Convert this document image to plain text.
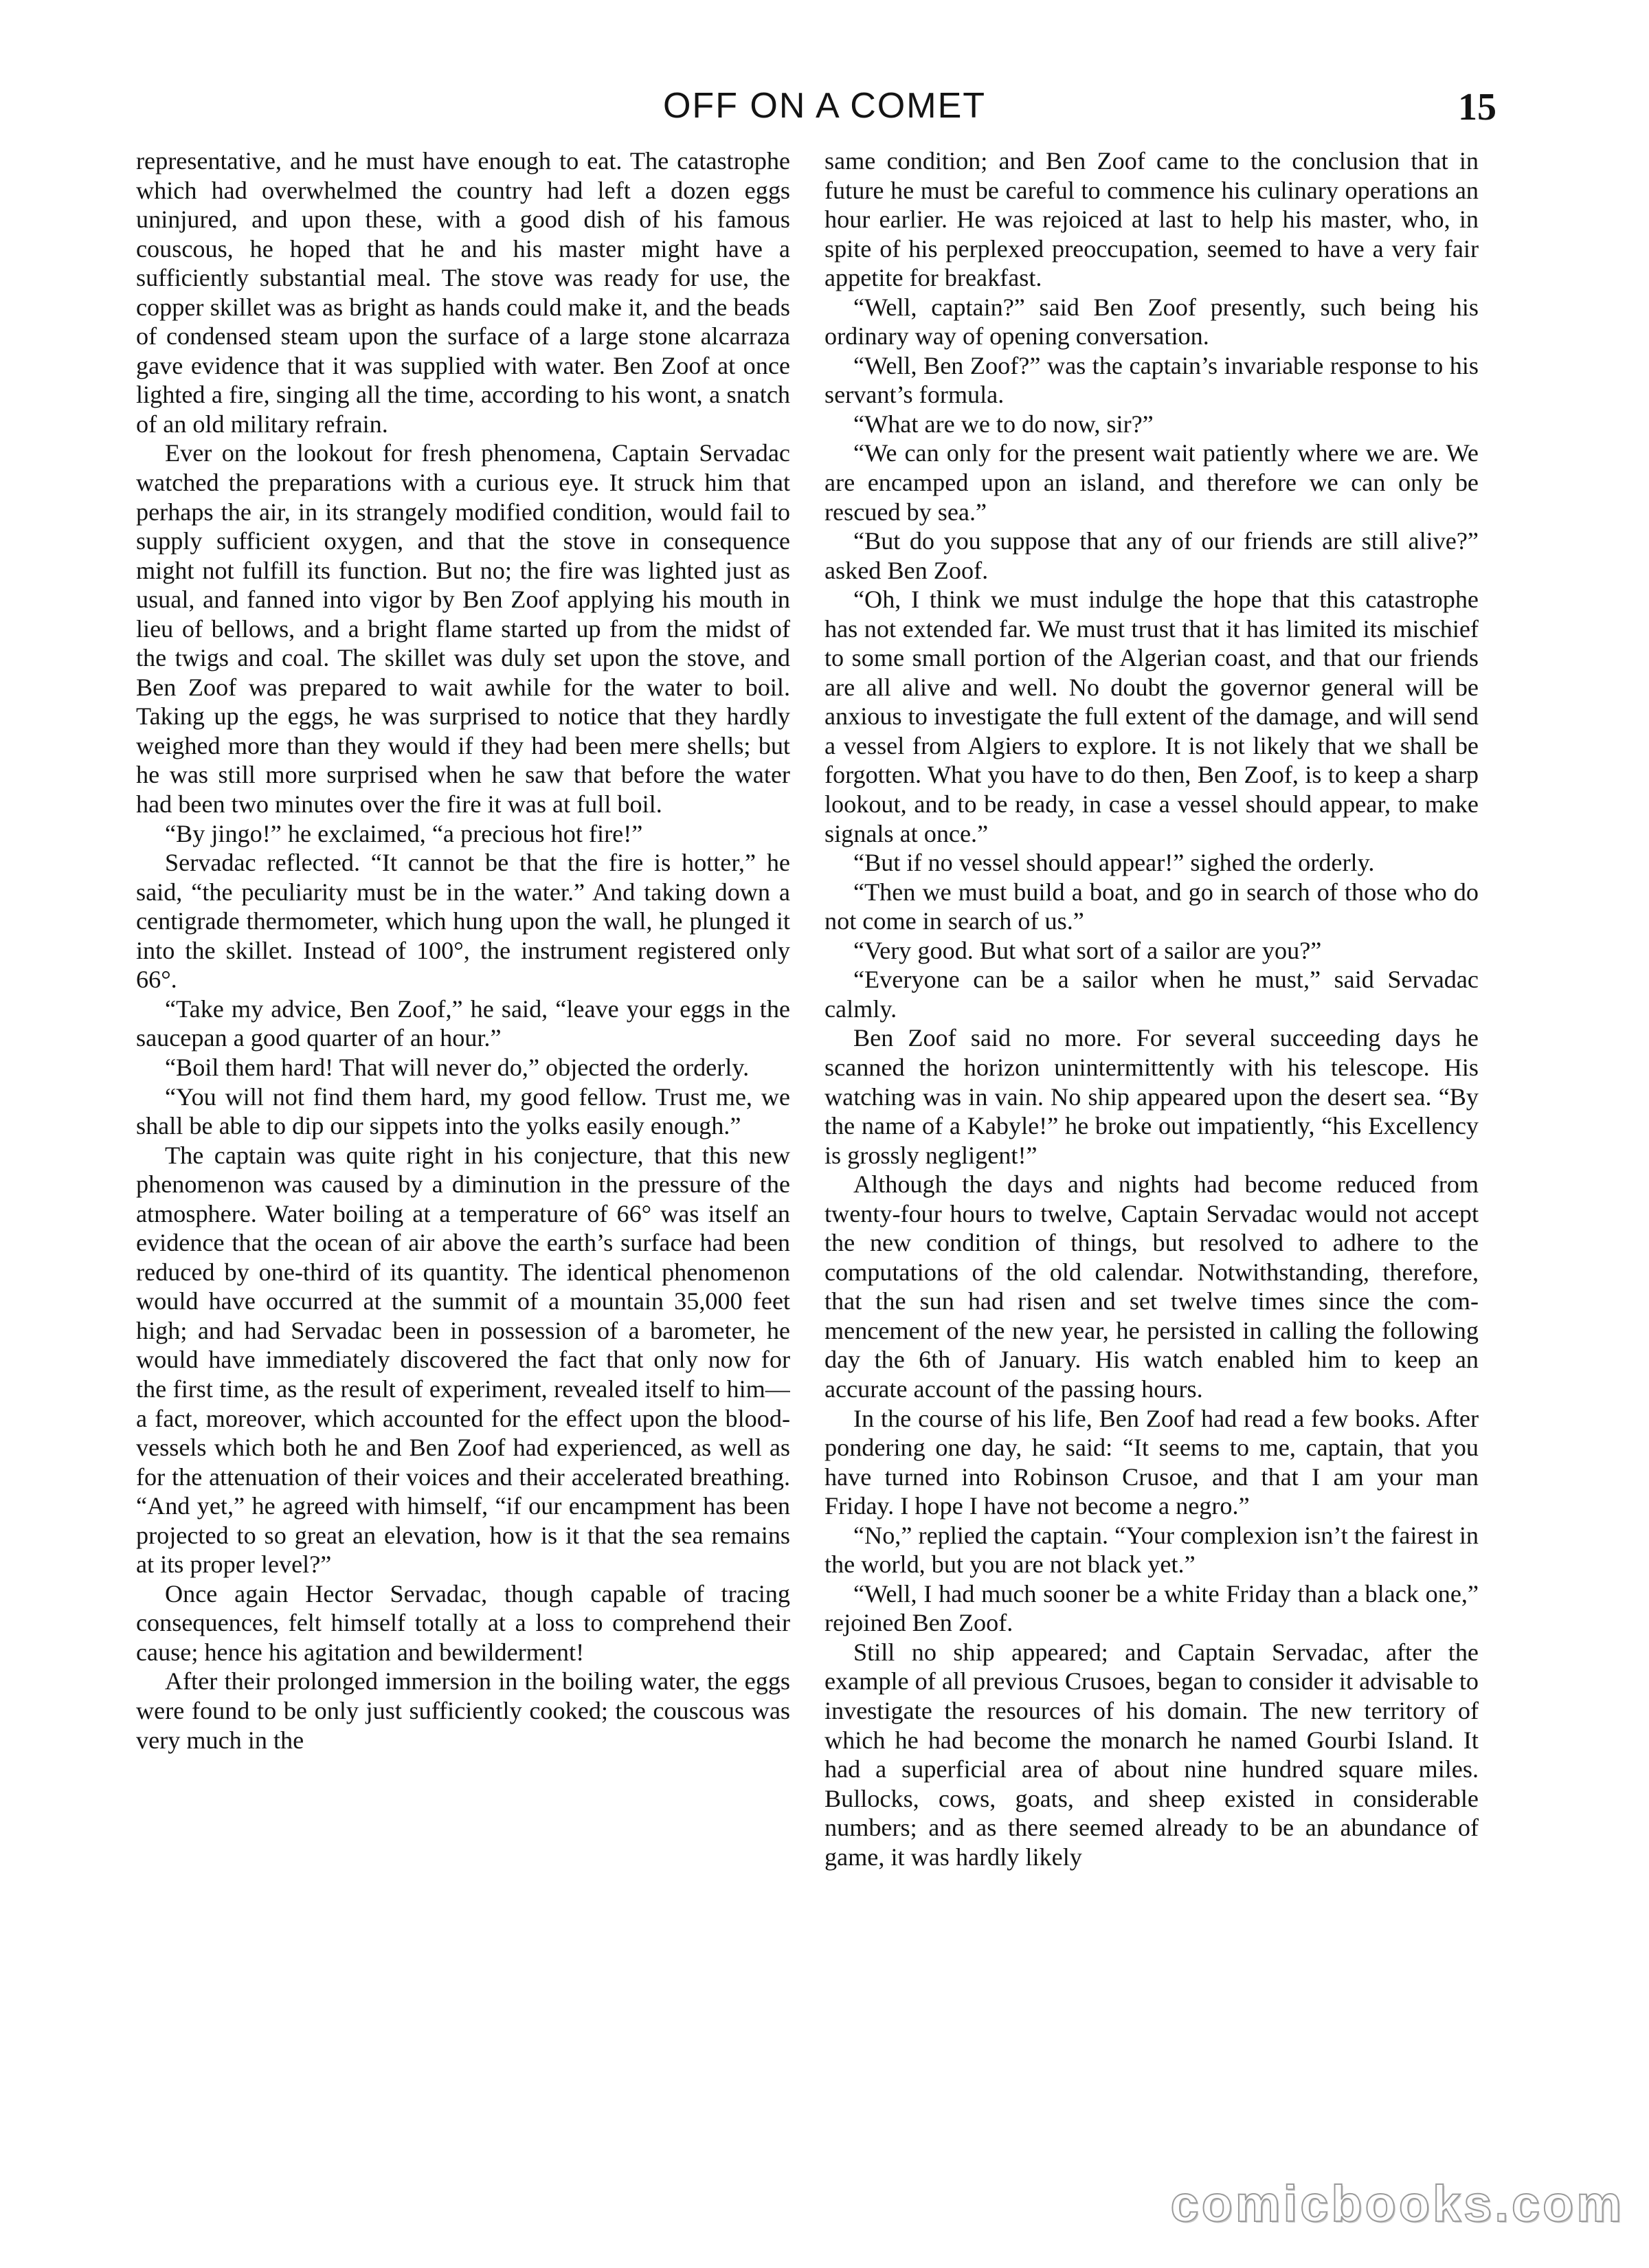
OFF ON A COMET	15

representative, and he must have enough to eat. The catastrophe which had overwhelmed the country had left a dozen eggs uninjured, and upon these, with a good dish of his famous couscous, he hoped that he and his master might have a sufficiently substantial meal. The stove was ready for use, the copper skillet was as bright as hands could make it, and the beads of condensed steam upon the surface of a large stone alcarraza gave evidence that it was supplied with water. Ben Zoof at once lighted a fire, singing all the time, according to his wont, a snatch of an old military refrain.

Ever on the lookout for fresh phenomena, Captain Servadac watched the preparations with a curious eye. It struck him that perhaps the air, in its strangely modified condition, would fail to supply sufficient oxygen, and that the stove in consequence might not fulfill its function. But no; the fire was lighted just as usual, and fanned into vigor by Ben Zoof applying his mouth in lieu of bellows, and a bright flame started up from the midst of the twigs and coal. The skillet was duly set upon the stove, and Ben Zoof was prepared to wait awhile for the water to boil. Taking up the eggs, he was surprised to notice that they hardly weighed more than they would if they had been mere shells; but he was still more surprised when he saw that before the water had been two minutes over the fire it was at full boil.

“By jingo!” he exclaimed, “a precious hot fire!”

Servadac reflected. “It cannot be that the fire is hotter,” he said, “the peculiarity must be in the water.” And taking down a centigrade thermometer, which hung upon the wall, he plunged it into the skillet. Instead of 100°, the instrument registered only 66°.

“Take my advice, Ben Zoof,” he said, “leave your eggs in the saucepan a good quarter of an hour.”

“Boil them hard! That will never do,” objected the orderly.

“You will not find them hard, my good fellow. Trust me, we shall be able to dip our sippets into the yolks easily enough.”

The captain was quite right in his conjecture, that this new phenomenon was caused by a diminution in the pressure of the atmosphere. Water boiling at a temperature of 66° was itself an evidence that the ocean of air above the earth’s surface had been reduced by one-third of its quantity. The identical phenomenon would have occurred at the summit of a mountain 35,000 feet high; and had Servadac been in possession of a barometer, he would have immediately discovered the fact that only now for the first time, as the result of experiment, revealed itself to him—a fact, moreover, which accounted for the effect upon the blood-vessels which both he and Ben Zoof had experienced, as well as for the attenuation of their voices and their accelerated breathing. “And yet,” he agreed with himself, “if our encampment has been projected to so great an elevation, how is it that the sea remains at its proper level?”

Once again Hector Servadac, though capable of tracing consequences, felt himself totally at a loss to comprehend their cause; hence his agitation and bewilderment!

After their prolonged immersion in the boiling water, the eggs were found to be only just sufficiently cooked; the couscous was very much in the

same condition; and Ben Zoof came to the conclusion that in future he must be careful to commence his culinary operations an hour earlier. He was rejoiced at last to help his master, who, in spite of his perplexed preoccupation, seemed to have a very fair appetite for breakfast.

“Well, captain?” said Ben Zoof presently, such being his ordinary way of opening conversation.

“Well, Ben Zoof?” was the captain’s invariable response to his servant’s formula.

“What are we to do now, sir?”

“We can only for the present wait patiently where we are. We are encamped upon an island, and therefore we can only be rescued by sea.”

“But do you suppose that any of our friends are still alive?” asked Ben Zoof.

“Oh, I think we must indulge the hope that this catastrophe has not extended far. We must trust that it has limited its mischief to some small portion of the Algerian coast, and that our friends are all alive and well. No doubt the governor general will be anxious to investigate the full extent of the damage, and will send a vessel from Algiers to explore. It is not likely that we shall be forgotten. What you have to do then, Ben Zoof, is to keep a sharp lookout, and to be ready, in case a vessel should appear, to make signals at once.”

“But if no vessel should appear!” sighed the orderly.

“Then we must build a boat, and go in search of those who do not come in search of us.”

“Very good. But what sort of a sailor are you?”

“Everyone can be a sailor when he must,” said Servadac calmly.

Ben Zoof said no more. For several succeeding days he scanned the horizon unintermittently with his telescope. His watching was in vain. No ship appeared upon the desert sea. “By the name of a Kabyle!” he broke out impatiently, “his Excellency is grossly negligent!”

Although the days and nights had become reduced from twenty-four hours to twelve, Captain Servadac would not accept the new condition of things, but resolved to adhere to the computations of the old calendar. Notwithstanding, therefore, that the sun had risen and set twelve times since the commencement of the new year, he persisted in calling the following day the 6th of January. His watch enabled him to keep an accurate account of the passing hours.

In the course of his life, Ben Zoof had read a few books. After pondering one day, he said: “It seems to me, captain, that you have turned into Robinson Crusoe, and that I am your man Friday. I hope I have not become a negro.”

“No,” replied the captain. “Your complexion isn’t the fairest in the world, but you are not black yet.”

“Well, I had much sooner be a white Friday than a black one,” rejoined Ben Zoof.

Still no ship appeared; and Captain Servadac, after the example of all previous Crusoes, began to consider it advisable to investigate the resources of his domain. The new territory of which he had become the monarch he named Gourbi Island. It had a superficial area of about nine hundred square miles. Bullocks, cows, goats, and sheep existed in considerable numbers; and as there seemed already to be an abundance of game, it was hardly likely

comicbooks.com
